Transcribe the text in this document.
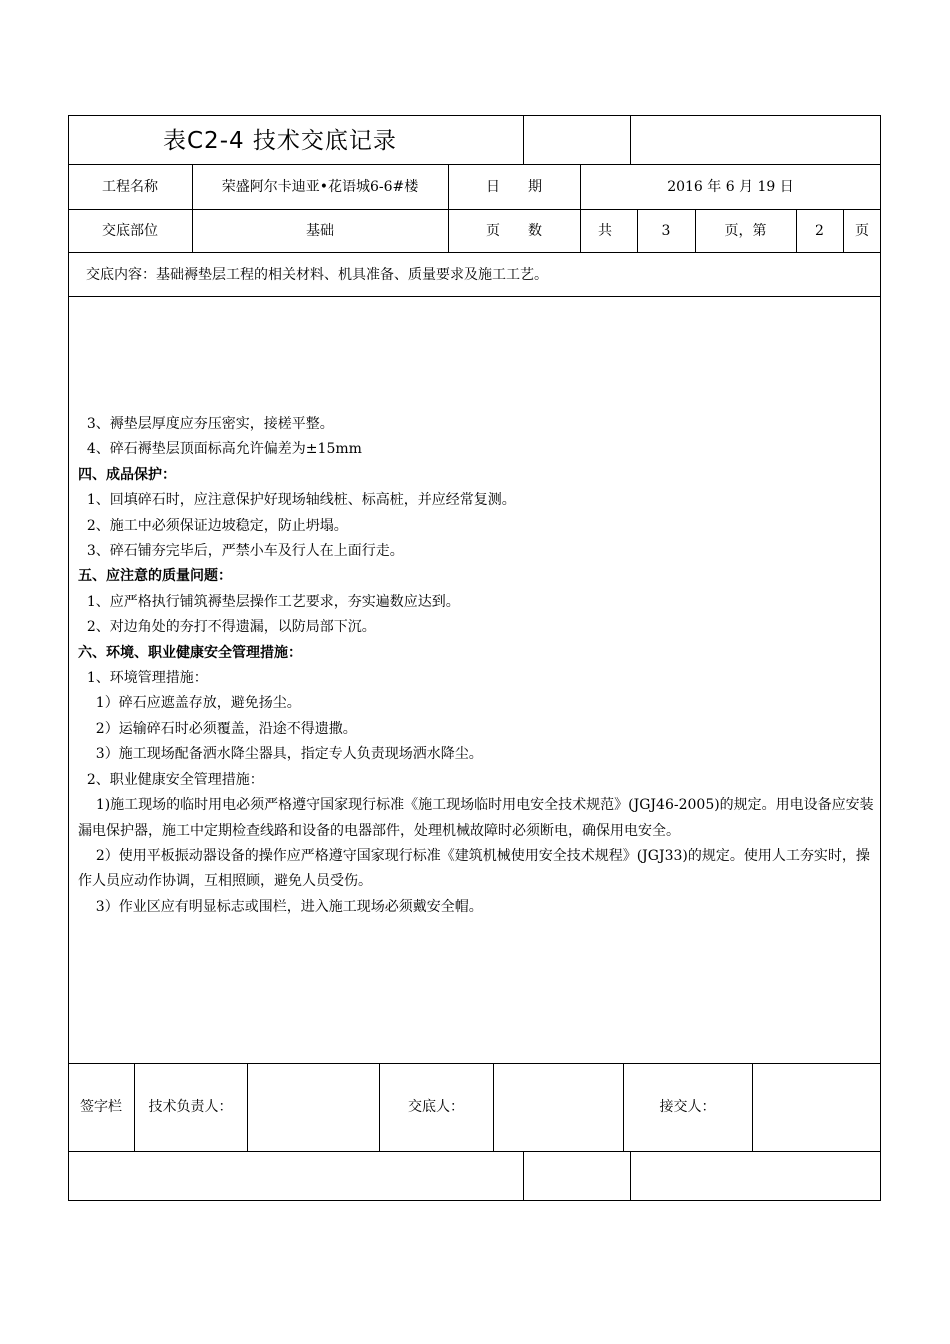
表C2-4 技术交底记录
工程名称	荣盛阿尔卡迪亚•花语城6-6#楼	日　　期	2016 年 6 月 19 日
交底部位	基础	页　　数	共	3	页，第	2	页
交底内容：基础褥垫层工程的相关材料、机具准备、质量要求及施工工艺。
3、褥垫层厚度应夯压密实，接槎平整。
4、碎石褥垫层顶面标高允许偏差为±15mm
四、成品保护：
1、回填碎石时，应注意保护好现场轴线桩、标高桩，并应经常复测。
2、施工中必须保证边坡稳定，防止坍塌。
3、碎石铺夯完毕后，严禁小车及行人在上面行走。
五、应注意的质量问题：
1、应严格执行铺筑褥垫层操作工艺要求，夯实遍数应达到。
2、对边角处的夯打不得遗漏，以防局部下沉。
六、环境、职业健康安全管理措施：
1、环境管理措施：
1）碎石应遮盖存放，避免扬尘。
2）运输碎石时必须覆盖，沿途不得遗撒。
3）施工现场配备洒水降尘器具，指定专人负责现场洒水降尘。
2、职业健康安全管理措施：
1)施工现场的临时用电必须严格遵守国家现行标准《施工现场临时用电安全技术规范》(JGJ46-2005)的规定。用电设备应安装漏电保护器，施工中定期检查线路和设备的电器部件，处理机械故障时必须断电，确保用电安全。
2）使用平板振动器设备的操作应严格遵守国家现行标准《建筑机械使用安全技术规程》(JGJ33)的规定。使用人工夯实时，操作人员应动作协调，互相照顾，避免人员受伤。
3）作业区应有明显标志或围栏，进入施工现场必须戴安全帽。
签字栏	技术负责人：	交底人：	接交人：
